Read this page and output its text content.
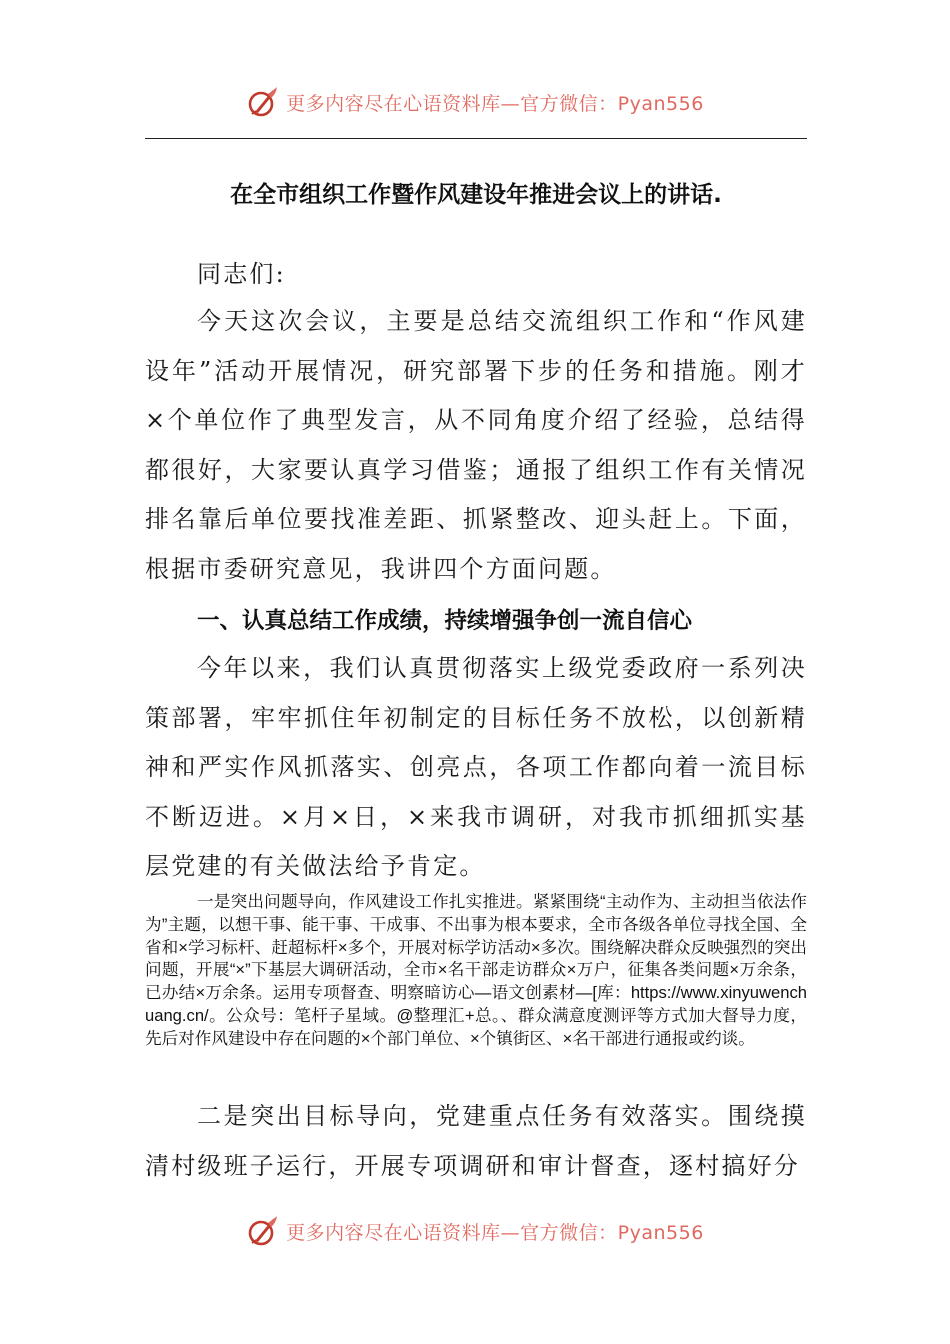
更多内容尽在心语资料库—官方微信：Pyan556
在全市组织工作暨作风建设年推进会议上的讲话.

同志们:

今天这次会议，主要是总结交流组织工作和“作风建设年”活动开展情况，研究部署下步的任务和措施。刚才×个单位作了典型发言，从不同角度介绍了经验，总结得都很好，大家要认真学习借鉴；通报了组织工作有关情况排名靠后单位要找准差距、抓紧整改、迎头赶上。下面，根据市委研究意见，我讲四个方面问题。

一、认真总结工作成绩，持续增强争创一流自信心

今年以来，我们认真贯彻落实上级党委政府一系列决策部署，牢牢抓住年初制定的目标任务不放松，以创新精神和严实作风抓落实、创亮点，各项工作都向着一流目标不断迈进。×月×日，×来我市调研，对我市抓细抓实基层党建的有关做法给予肯定。

一是突出问题导向，作风建设工作扎实推进。紧紧围绕“主动作为、主动担当依法作为”主题，以想干事、能干事、干成事、不出事为根本要求，全市各级各单位寻找全国、全省和×学习标杆、赶超标杆×多个，开展对标学访活动×多次。围绕解决群众反映强烈的突出问题，开展“×”下基层大调研活动，全市×名干部走访群众×万户，征集各类问题×万余条，已办结×万余条。运用专项督查、明察暗访心—语文创素材—[库：https://www.xinyuwenchuang.cn/。公众号：笔杆子星域。@整理汇+总。、群众满意度测评等方式加大督导力度，先后对作风建设中存在问题的×个部门单位、×个镇街区、×名干部进行通报或约谈。

二是突出目标导向，党建重点任务有效落实。围绕摸清村级班子运行，开展专项调研和审计督查，逐村搞好分

更多内容尽在心语资料库—官方微信：Pyan556
